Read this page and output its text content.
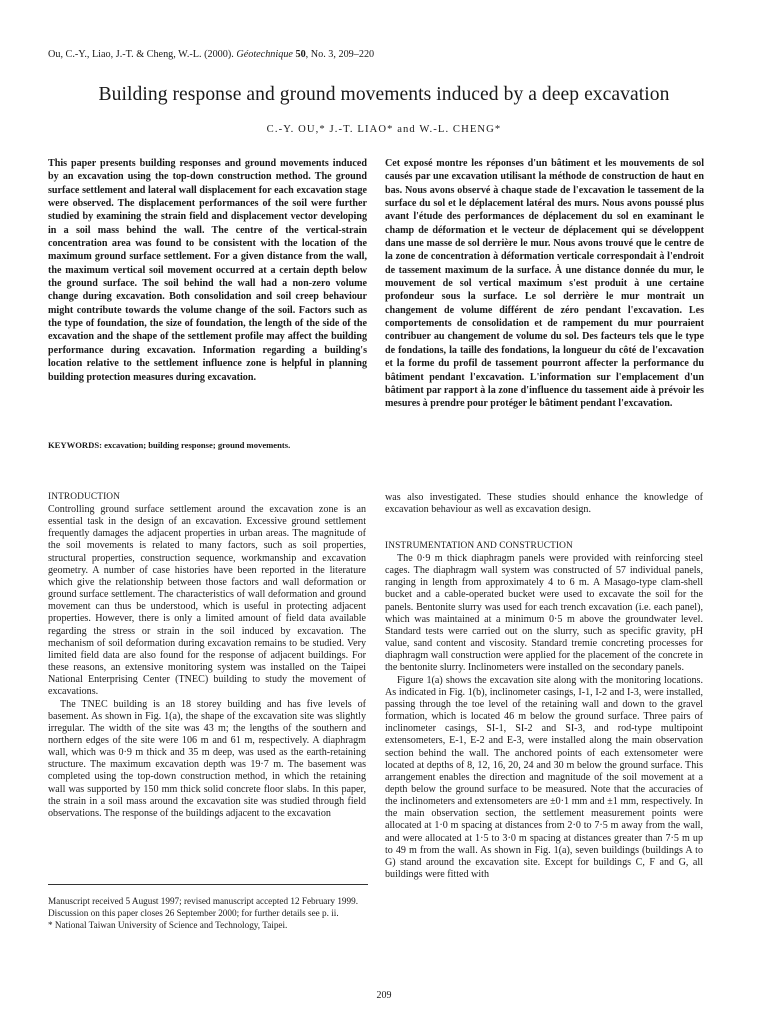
Ou, C.-Y., Liao, J.-T. & Cheng, W.-L. (2000). Géotechnique 50, No. 3, 209–220
Building response and ground movements induced by a deep excavation
C.-Y. OU,* J.-T. LIAO* and W.-L. CHENG*

This paper presents building responses and ground movements induced by an excavation using the top-down construction method. The ground surface settlement and lateral wall displacement for each excavation stage were observed. The displacement performances of the soil were further studied by examining the strain field and displacement vector developing in a soil mass behind the wall. The centre of the vertical-strain concentration area was found to be consistent with the location of the maximum ground surface settlement. For a given distance from the wall, the maximum vertical soil movement occurred at a certain depth below the ground surface. The soil behind the wall had a non-zero volume change during excavation. Both consolidation and soil creep behaviour might contribute towards the volume change of the soil. Factors such as the type of foundation, the size of foundation, the length of the side of the excavation and the shape of the settlement profile may affect the building performance during excavation. Information regarding a building's location relative to the settlement influence zone is helpful in planning building protection measures during excavation.

Cet exposé montre les réponses d'un bâtiment et les mouvements de sol causés par une excavation utilisant la méthode de construction de haut en bas. Nous avons observé à chaque stade de l'excavation le tassement de la surface du sol et le déplacement latéral des murs. Nous avons poussé plus avant l'étude des performances de déplacement du sol en examinant le champ de déformation et le vecteur de déplacement qui se développent dans une masse de sol derrière le mur. Nous avons trouvé que le centre de la zone de concentration à déformation verticale correspondait à l'endroit de tassement maximum de la surface. À une distance donnée du mur, le mouvement de sol vertical maximum s'est produit à une certaine profondeur sous la surface. Le sol derrière le mur montrait un changement de volume différent de zéro pendant l'excavation. Les comportements de consolidation et de rampement du mur pourraient contribuer au changement de volume du sol. Des facteurs tels que le type de fondations, la taille des fondations, la longueur du côté de l'excavation et la forme du profil de tassement pourront affecter la performance du bâtiment pendant l'excavation. L'information sur l'emplacement d'un bâtiment par rapport à la zone d'influence du tassement aide à prévoir les mesures à prendre pour protéger le bâtiment pendant l'excavation.

KEYWORDS: excavation; building response; ground movements.
INTRODUCTION

Controlling ground surface settlement around the excavation zone is an essential task in the design of an excavation. Excessive ground settlement frequently damages the adjacent properties in urban areas. The magnitude of the soil movements is related to many factors, such as soil properties, structural properties, construction sequence, workmanship and excavation geometry. A number of case histories have been reported in the literature which give the relationship between those factors and wall deformation or ground surface settlement. The characteristics of wall deformation and ground movement can thus be understood, which is useful in protecting adjacent properties. However, there is only a limited amount of field data available regarding the stress or strain in the soil induced by excavation. The mechanism of soil deformation during excavation remains to be studied. Very limited field data are also found for the response of adjacent buildings. For these reasons, an extensive monitoring system was installed on the Taipei National Enterprising Center (TNEC) building to study the movement of excavations.

The TNEC building is an 18 storey building and has five levels of basement. As shown in Fig. 1(a), the shape of the excavation site was slightly irregular. The width of the site was 43 m; the lengths of the southern and northern edges of the site were 106 m and 61 m, respectively. A diaphragm wall, which was 0·9 m thick and 35 m deep, was used as the earth-retaining structure. The maximum excavation depth was 19·7 m. The basement was completed using the top-down construction method, in which the retaining wall was supported by 150 mm thick solid concrete floor slabs. In this paper, the strain in a soil mass around the excavation site was studied through field observations. The response of the buildings adjacent to the excavation

Manuscript received 5 August 1997; revised manuscript accepted 12 February 1999.

Discussion on this paper closes 26 September 2000; for further details see p. ii.

* National Taiwan University of Science and Technology, Taipei.

was also investigated. These studies should enhance the knowledge of excavation behaviour as well as excavation design.

INSTRUMENTATION AND CONSTRUCTION

The 0·9 m thick diaphragm panels were provided with reinforcing steel cages. The diaphragm wall system was constructed of 57 individual panels, ranging in length from approximately 4 to 6 m. A Masago-type clam-shell bucket and a cable-operated bucket were used to excavate the soil for the panels. Bentonite slurry was used for each trench excavation (i.e. each panel), which was maintained at a minimum 0·5 m above the groundwater level. Standard tests were carried out on the slurry, such as specific gravity, pH value, sand content and viscosity. Standard tremie concreting processes for diaphragm wall construction were applied for the placement of the concrete in the bentonite slurry. Inclinometers were installed on the secondary panels.

Figure 1(a) shows the excavation site along with the monitoring locations. As indicated in Fig. 1(b), inclinometer casings, I-1, I-2 and I-3, were installed, passing through the toe level of the retaining wall and down to the gravel formation, which is located 46 m below the ground surface. Three pairs of inclinometer casings, SI-1, SI-2 and SI-3, and rod-type multipoint extensometers, E-1, E-2 and E-3, were installed along the main observation section behind the wall. The anchored points of each extensometer were located at depths of 8, 12, 16, 20, 24 and 30 m below the ground surface. This arrangement enables the direction and magnitude of the soil movement at a depth below the ground surface to be measured. Note that the accuracies of the inclinometers and extensometers are ±0·1 mm and ±1 mm, respectively. In the main observation section, the settlement measurement points were allocated at 1·0 m spacing at distances from 2·0 to 7·5 m away from the wall, and were allocated at 1·5 to 3·0 m spacing at distances greater than 7·5 m up to 49 m from the wall. As shown in Fig. 1(a), seven buildings (buildings A to G) stand around the excavation site. Except for buildings C, F and G, all buildings were fitted with

209
